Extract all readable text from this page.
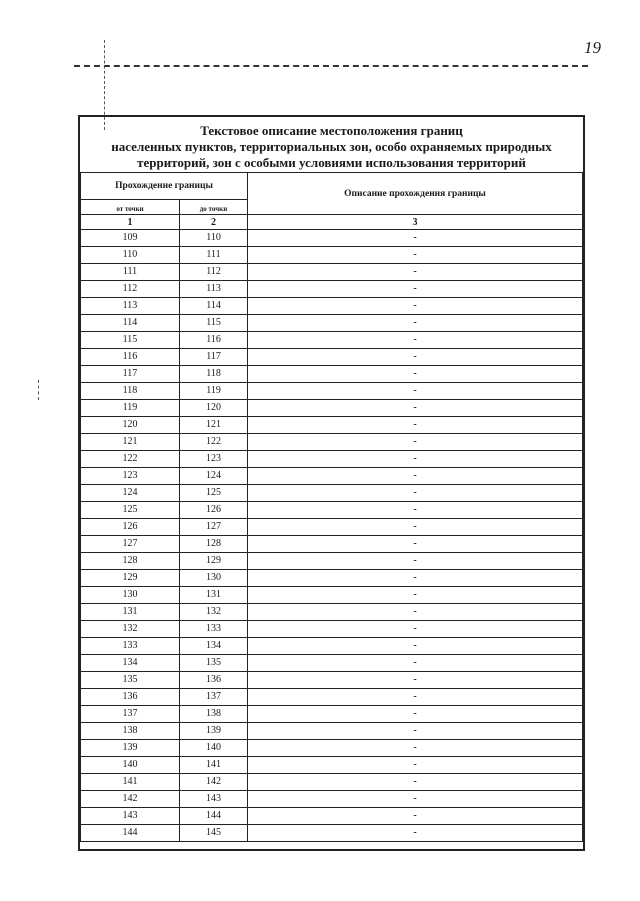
19
Текстовое описание местоположения границ
населенных пунктов, территориальных зон, особо охраняемых природных
территорий, зон с особыми условиями использования территорий
Прохождение границы		Описание прохождения границы
от точки	до точки	
1	2	3
109	110	-
110	111	-
111	112	-
112	113	-
113	114	-
114	115	-
115	116	-
116	117	-
117	118	-
118	119	-
119	120	-
120	121	-
121	122	-
122	123	-
123	124	-
124	125	-
125	126	-
126	127	-
127	128	-
128	129	-
129	130	-
130	131	-
131	132	-
132	133	-
133	134	-
134	135	-
135	136	-
136	137	-
137	138	-
138	139	-
139	140	-
140	141	-
141	142	-
142	143	-
143	144	-
144	145	-
